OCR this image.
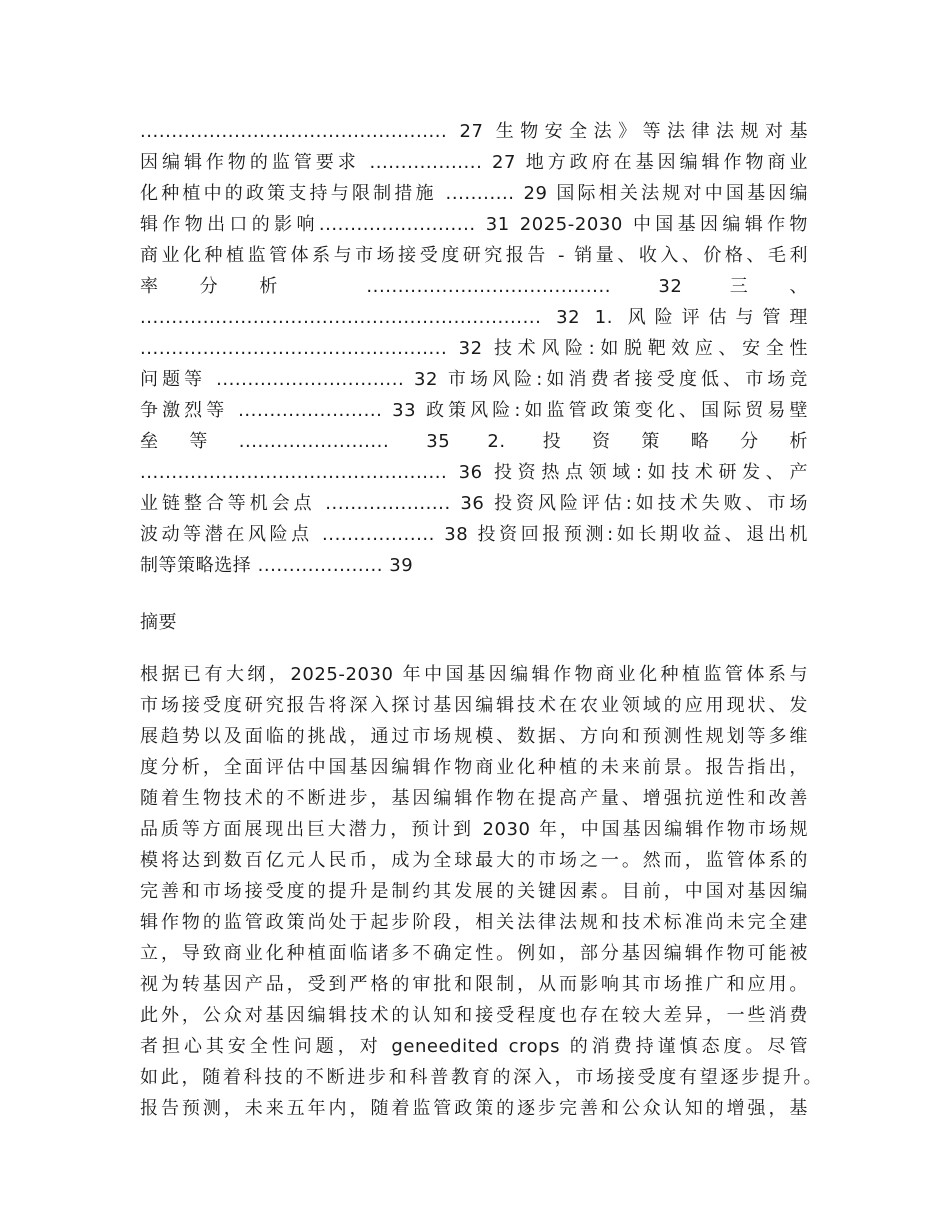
................................................. 27 生物安全法》等法律法规对基

因编辑作物的监管要求 .................. 27 地方政府在基因编辑作物商业

化种植中的政策支持与限制措施 ........... 29 国际相关法规对中国基因编

辑作物出口的影响......................... 31 2025-2030 中国基因编辑作物

商业化种植监管体系与市场接受度研究报告 - 销量、收入、价格、毛利

率分析 ....................................... 32 三、

................................................................ 32 1. 风险评估与管理

................................................. 32 技术风险:如脱靶效应、安全性

问题等 .............................. 32 市场风险:如消费者接受度低、市场竞

争激烈等 ....................... 33 政策风险:如监管政策变化、国际贸易壁

垒等........................ 35 2. 投资策略分析

................................................. 36 投资热点领域:如技术研发、产

业链整合等机会点 .................... 36 投资风险评估:如技术失败、市场

波动等潜在风险点 .................. 38 投资回报预测:如长期收益、退出机

制等策略选择 .................... 39

摘要

根据已有大纲，2025-2030 年中国基因编辑作物商业化种植监管体系与

市场接受度研究报告将深入探讨基因编辑技术在农业领域的应用现状、发

展趋势以及面临的挑战，通过市场规模、数据、方向和预测性规划等多维

度分析，全面评估中国基因编辑作物商业化种植的未来前景。报告指出，

随着生物技术的不断进步，基因编辑作物在提高产量、增强抗逆性和改善

品质等方面展现出巨大潜力，预计到 2030 年，中国基因编辑作物市场规

模将达到数百亿元人民币，成为全球最大的市场之一。然而，监管体系的

完善和市场接受度的提升是制约其发展的关键因素。目前，中国对基因编

辑作物的监管政策尚处于起步阶段，相关法律法规和技术标准尚未完全建

立，导致商业化种植面临诸多不确定性。例如，部分基因编辑作物可能被

视为转基因产品，受到严格的审批和限制，从而影响其市场推广和应用。

此外，公众对基因编辑技术的认知和接受程度也存在较大差异，一些消费

者担心其安全性问题，对 geneedited crops 的消费持谨慎态度。尽管

如此，随着科技的不断进步和科普教育的深入，市场接受度有望逐步提升。

报告预测，未来五年内，随着监管政策的逐步完善和公众认知的增强，基
